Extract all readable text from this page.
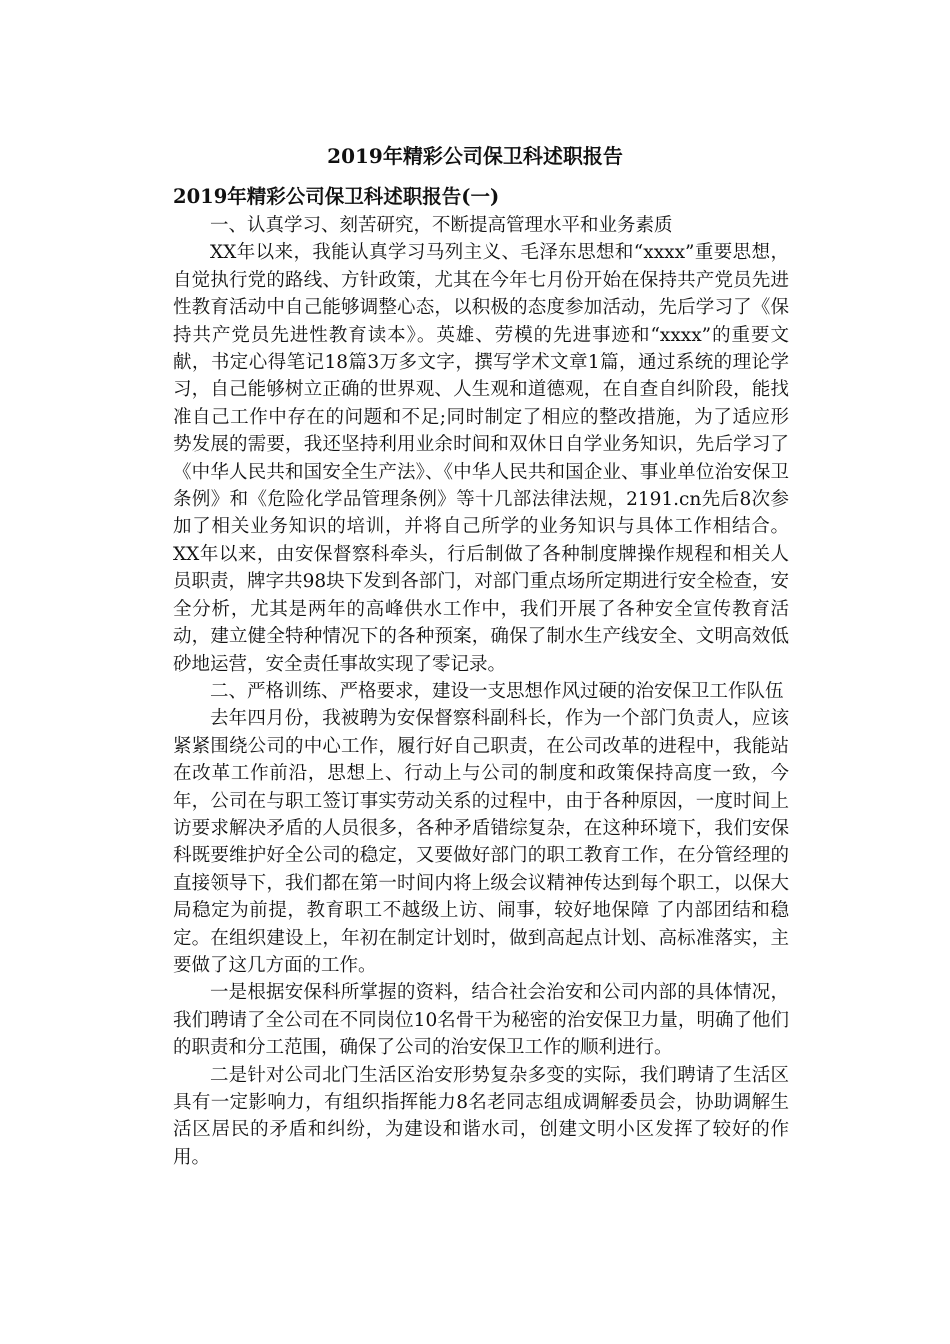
2019年精彩公司保卫科述职报告

2019年精彩公司保卫科述职报告(一)

一、认真学习、刻苦研究，不断提高管理水平和业务素质

XX年以来，我能认真学习马列主义、毛泽东思想和“xxxx”重要思想，自觉执行党的路线、方针政策，尤其在今年七月份开始在保持共产党员先进性教育活动中自己能够调整心态，以积极的态度参加活动，先后学习了《保持共产党员先进性教育读本》。英雄、劳模的先进事迹和“xxxx”的重要文献，书定心得笔记18篇3万多文字，撰写学术文章1篇，通过系统的理论学习，自己能够树立正确的世界观、人生观和道德观，在自查自纠阶段，能找准自己工作中存在的问题和不足;同时制定了相应的整改措施，为了适应形势发展的需要，我还坚持利用业余时间和双休日自学业务知识，先后学习了《中华人民共和国安全生产法》、《中华人民共和国企业、事业单位治安保卫条例》和《危险化学品管理条例》等十几部法律法规，2191.cn先后8次参加了相关业务知识的培训，并将自己所学的业务知识与具体工作相结合。XX年以来，由安保督察科牵头，行后制做了各种制度牌操作规程和相关人员职责，牌字共98块下发到各部门，对部门重点场所定期进行安全检查，安全分析，尤其是两年的高峰供水工作中，我们开展了各种安全宣传教育活动，建立健全特种情况下的各种预案，确保了制水生产线安全、文明高效低砂地运营，安全责任事故实现了零记录。

二、严格训练、严格要求，建设一支思想作风过硬的治安保卫工作队伍

去年四月份，我被聘为安保督察科副科长，作为一个部门负责人，应该紧紧围绕公司的中心工作，履行好自己职责，在公司改革的进程中，我能站在改革工作前沿，思想上、行动上与公司的制度和政策保持高度一致，今年，公司在与职工签订事实劳动关系的过程中，由于各种原因，一度时间上访要求解决矛盾的人员很多，各种矛盾错综复杂，在这种环境下，我们安保科既要维护好全公司的稳定，又要做好部门的职工教育工作，在分管经理的直接领导下，我们都在第一时间内将上级会议精神传达到每个职工，以保大局稳定为前提，教育职工不越级上访、闹事，较好地保障 了内部团结和稳定。在组织建设上，年初在制定计划时，做到高起点计划、高标准落实，主要做了这几方面的工作。

一是根据安保科所掌握的资料，结合社会治安和公司内部的具体情况，我们聘请了全公司在不同岗位10名骨干为秘密的治安保卫力量，明确了他们的职责和分工范围，确保了公司的治安保卫工作的顺利进行。

二是针对公司北门生活区治安形势复杂多变的实际，我们聘请了生活区具有一定影响力，有组织指挥能力8名老同志组成调解委员会，协助调解生活区居民的矛盾和纠纷，为建设和谐水司，创建文明小区发挥了较好的作用。
